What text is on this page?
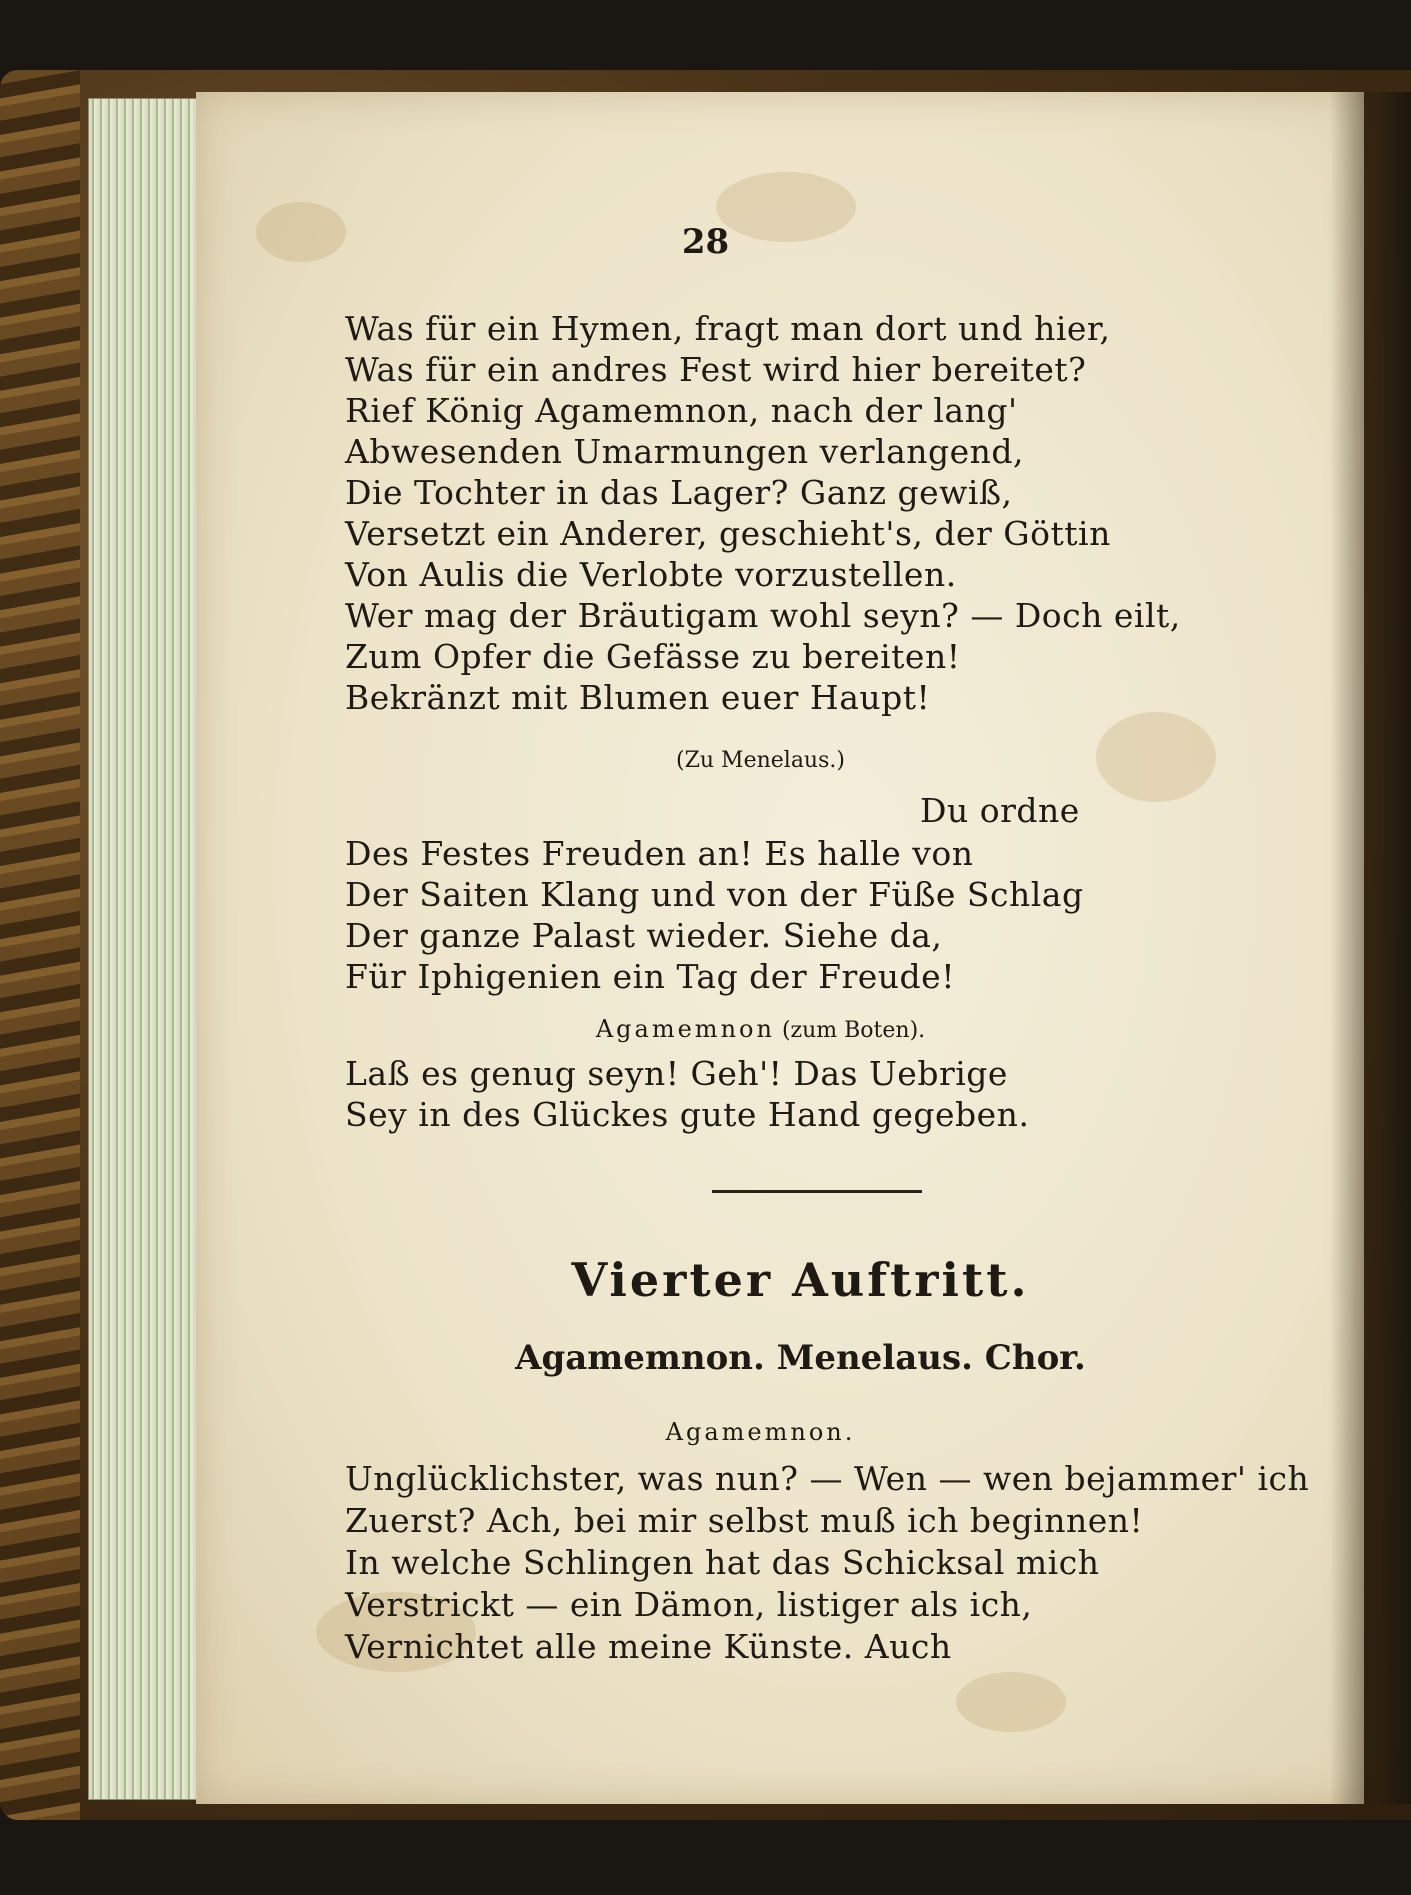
28
Was für ein Hymen, fragt man dort und hier,
Was für ein andres Fest wird hier bereitet?
Rief König Agamemnon, nach der lang'
Abwesenden Umarmungen verlangend,
Die Tochter in das Lager? Ganz gewiß,
Versetzt ein Anderer, geschieht's, der Göttin
Von Aulis die Verlobte vorzustellen.
Wer mag der Bräutigam wohl seyn? — Doch eilt,
Zum Opfer die Gefässe zu bereiten!
Bekränzt mit Blumen euer Haupt!
(Zu Menelaus.)
Du ordne
Des Festes Freuden an! Es halle von
Der Saiten Klang und von der Füße Schlag
Der ganze Palast wieder. Siehe da,
Für Iphigenien ein Tag der Freude!
Agamemnon (zum Boten).
Laß es genug seyn! Geh'! Das Uebrige
Sey in des Glückes gute Hand gegeben.
Vierter Auftritt.
Agamemnon. Menelaus. Chor.
Agamemnon.
Unglücklichster, was nun? — Wen — wen bejammer' ich
Zuerst? Ach, bei mir selbst muß ich beginnen!
In welche Schlingen hat das Schicksal mich
Verstrickt — ein Dämon, listiger als ich,
Vernichtet alle meine Künste. Auch
